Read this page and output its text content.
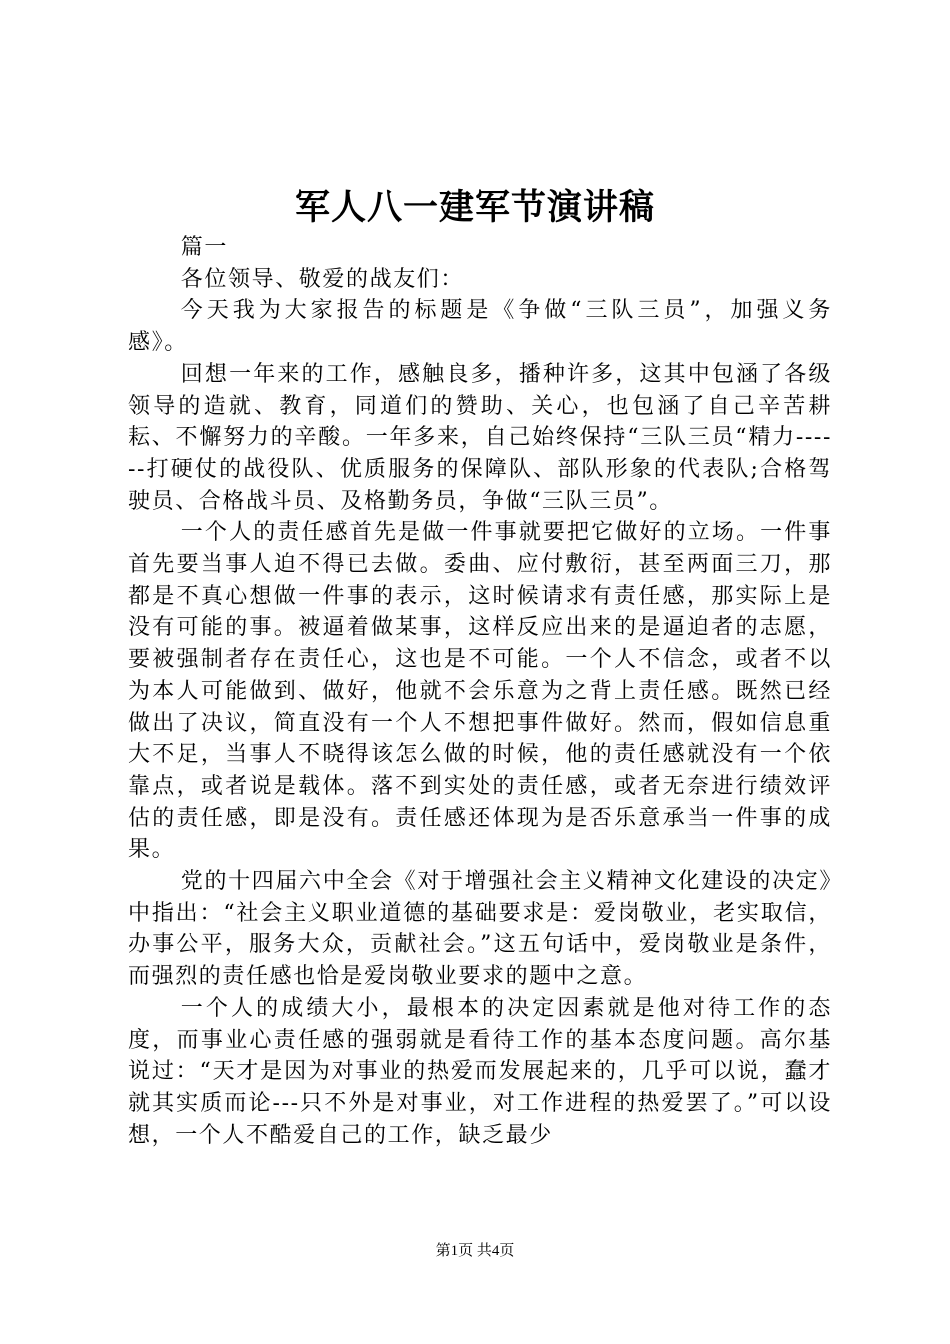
军人八一建军节演讲稿

篇一

各位领导、敬爱的战友们：

今天我为大家报告的标题是《争做“三队三员”，加强义务感》。

回想一年来的工作，感触良多，播种许多，这其中包涵了各级领导的造就、教育，同道们的赞助、关心，也包涵了自己辛苦耕耘、不懈努力的辛酸。一年多来，自己始终保持“三队三员“精力------打硬仗的战役队、优质服务的保障队、部队形象的代表队;合格驾驶员、合格战斗员、及格勤务员，争做“三队三员”。

一个人的责任感首先是做一件事就要把它做好的立场。一件事首先要当事人迫不得已去做。委曲、应付敷衍，甚至两面三刀，那都是不真心想做一件事的表示，这时候请求有责任感，那实际上是没有可能的事。被逼着做某事，这样反应出来的是逼迫者的志愿，要被强制者存在责任心，这也是不可能。一个人不信念，或者不以为本人可能做到、做好，他就不会乐意为之背上责任感。既然已经做出了决议，简直没有一个人不想把事件做好。然而，假如信息重大不足，当事人不晓得该怎么做的时候，他的责任感就没有一个依靠点，或者说是载体。落不到实处的责任感，或者无奈进行绩效评估的责任感，即是没有。责任感还体现为是否乐意承当一件事的成果。

党的十四届六中全会《对于增强社会主义精神文化建设的决定》中指出：“社会主义职业道德的基础要求是：爱岗敬业，老实取信，办事公平，服务大众，贡献社会。”这五句话中，爱岗敬业是条件，而强烈的责任感也恰是爱岗敬业要求的题中之意。

一个人的成绩大小，最根本的决定因素就是他对待工作的态度，而事业心责任感的强弱就是看待工作的基本态度问题。高尔基说过：“天才是因为对事业的热爱而发展起来的，几乎可以说，蠢才就其实质而论---只不外是对事业，对工作进程的热爱罢了。”可以设想，一个人不酷爱自己的工作，缺乏最少

第1页 共4页
